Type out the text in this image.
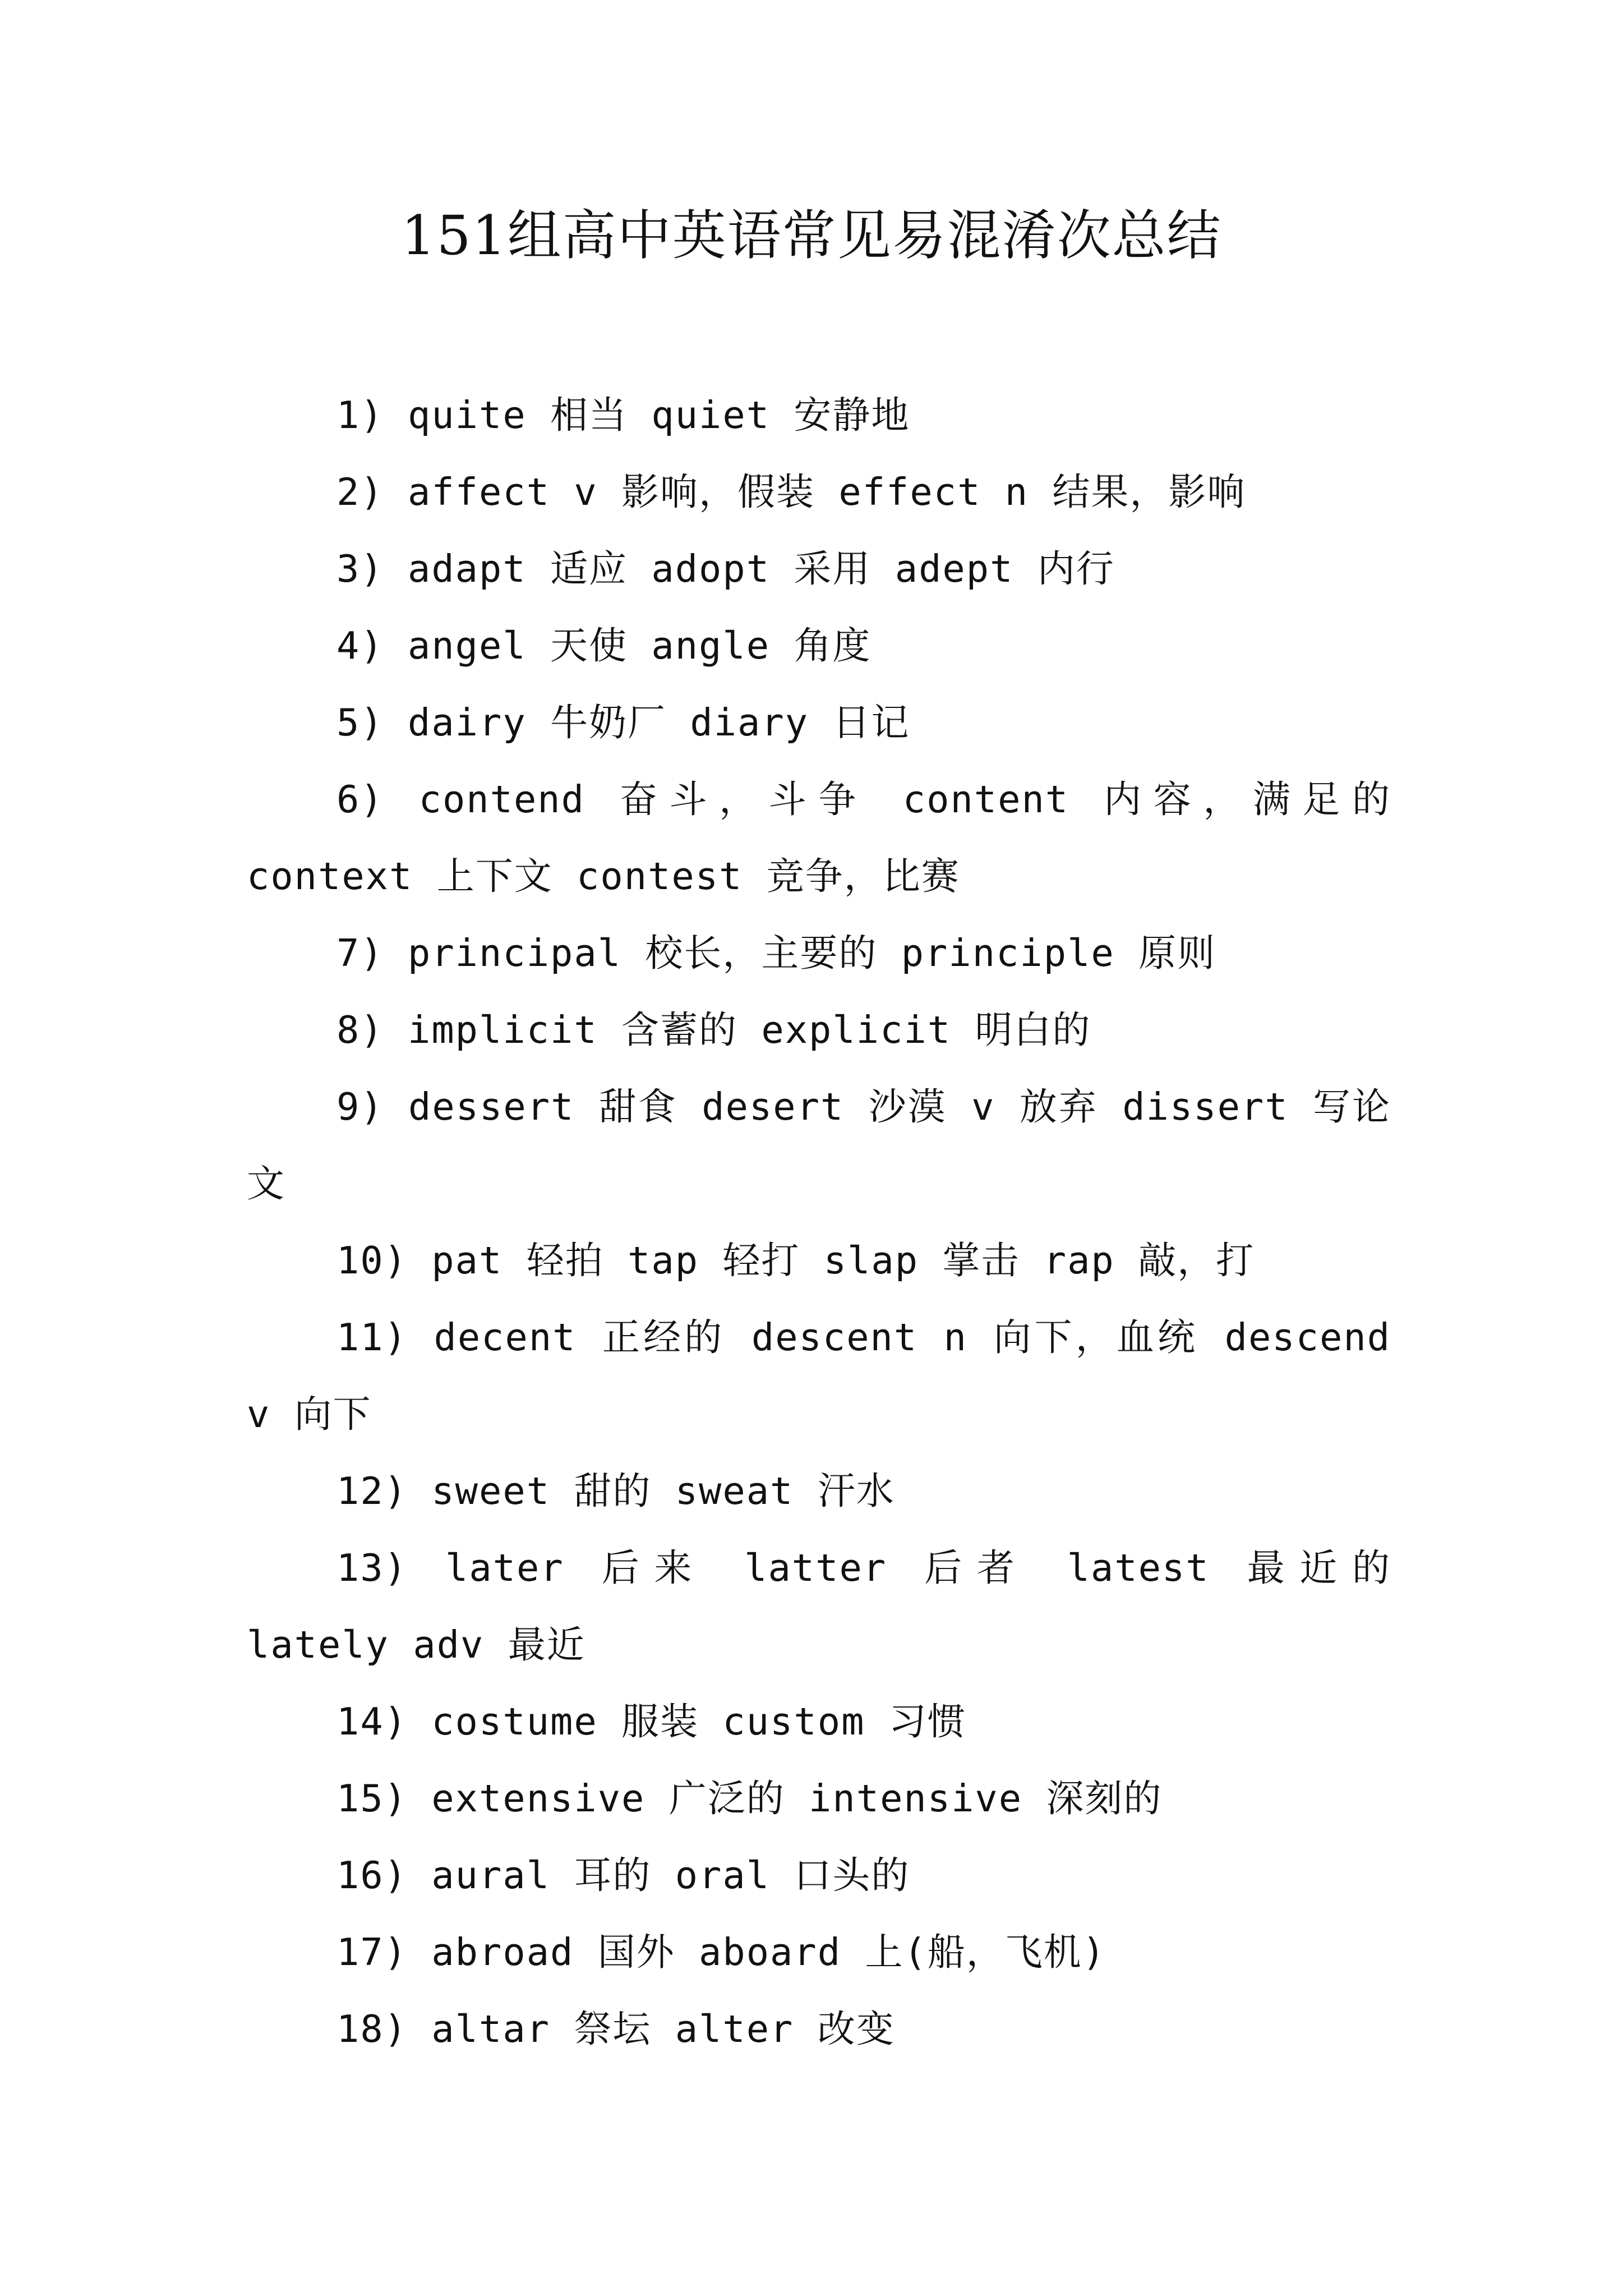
151组高中英语常见易混淆次总结

1) quite 相当 quiet 安静地

2) affect v 影响，假装 effect n 结果，影响

3) adapt 适应 adopt 采用 adept 内行

4) angel 天使 angle 角度

5) dairy 牛奶厂 diary 日记

6) contend 奋斗，斗争 content 内容，满足的 context 上下文 contest 竞争，比赛

7) principal 校长，主要的 principle 原则

8) implicit 含蓄的 explicit 明白的

9) dessert 甜食 desert 沙漠 v 放弃 dissert 写论文

10) pat 轻拍 tap 轻打 slap 掌击 rap 敲，打

11) decent 正经的 descent n 向下，血统 descend v 向下

12) sweet 甜的 sweat 汗水

13) later 后来 latter 后者 latest 最近的 lately adv 最近

14) costume 服装 custom 习惯

15) extensive 广泛的 intensive 深刻的

16) aural 耳的 oral 口头的

17) abroad 国外 aboard 上(船，飞机)

18) altar 祭坛 alter 改变
